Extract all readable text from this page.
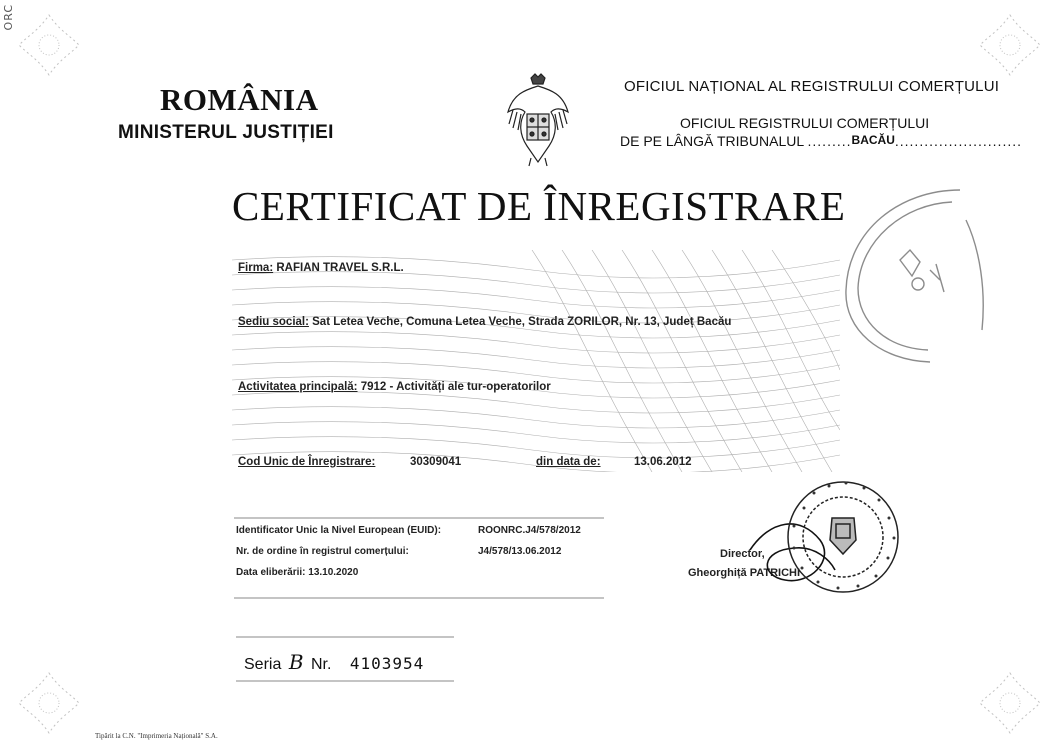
ORC
ROMÂNIA
MINISTERUL JUSTIȚIEI
OFICIUL NAȚIONAL AL REGISTRULUI COMERȚULUI
OFICIUL REGISTRULUI COMERȚULUI
DE PE LÂNGĂ TRIBUNALUL .........BACĂU..........................
CERTIFICAT DE ÎNREGISTRARE
Firma: RAFIAN TRAVEL S.R.L.
Sediu social: Sat Letea Veche, Comuna Letea Veche, Strada ZORILOR, Nr. 13, Județ Bacău
Activitatea principală: 7912 - Activități ale tur-operatorilor
Cod Unic de Înregistrare:	30309041	din data de:	13.06.2012
Identificator Unic la Nivel European (EUID):	ROONRC.J4/578/2012
Nr. de ordine în registrul comerțului:	J4/578/13.06.2012
Data eliberării: 13.10.2020
Director,
Gheorghiță PATRICHI
Seria B Nr. 4103954
Tipărit la C.N. "Imprimeria Națională" S.A.
